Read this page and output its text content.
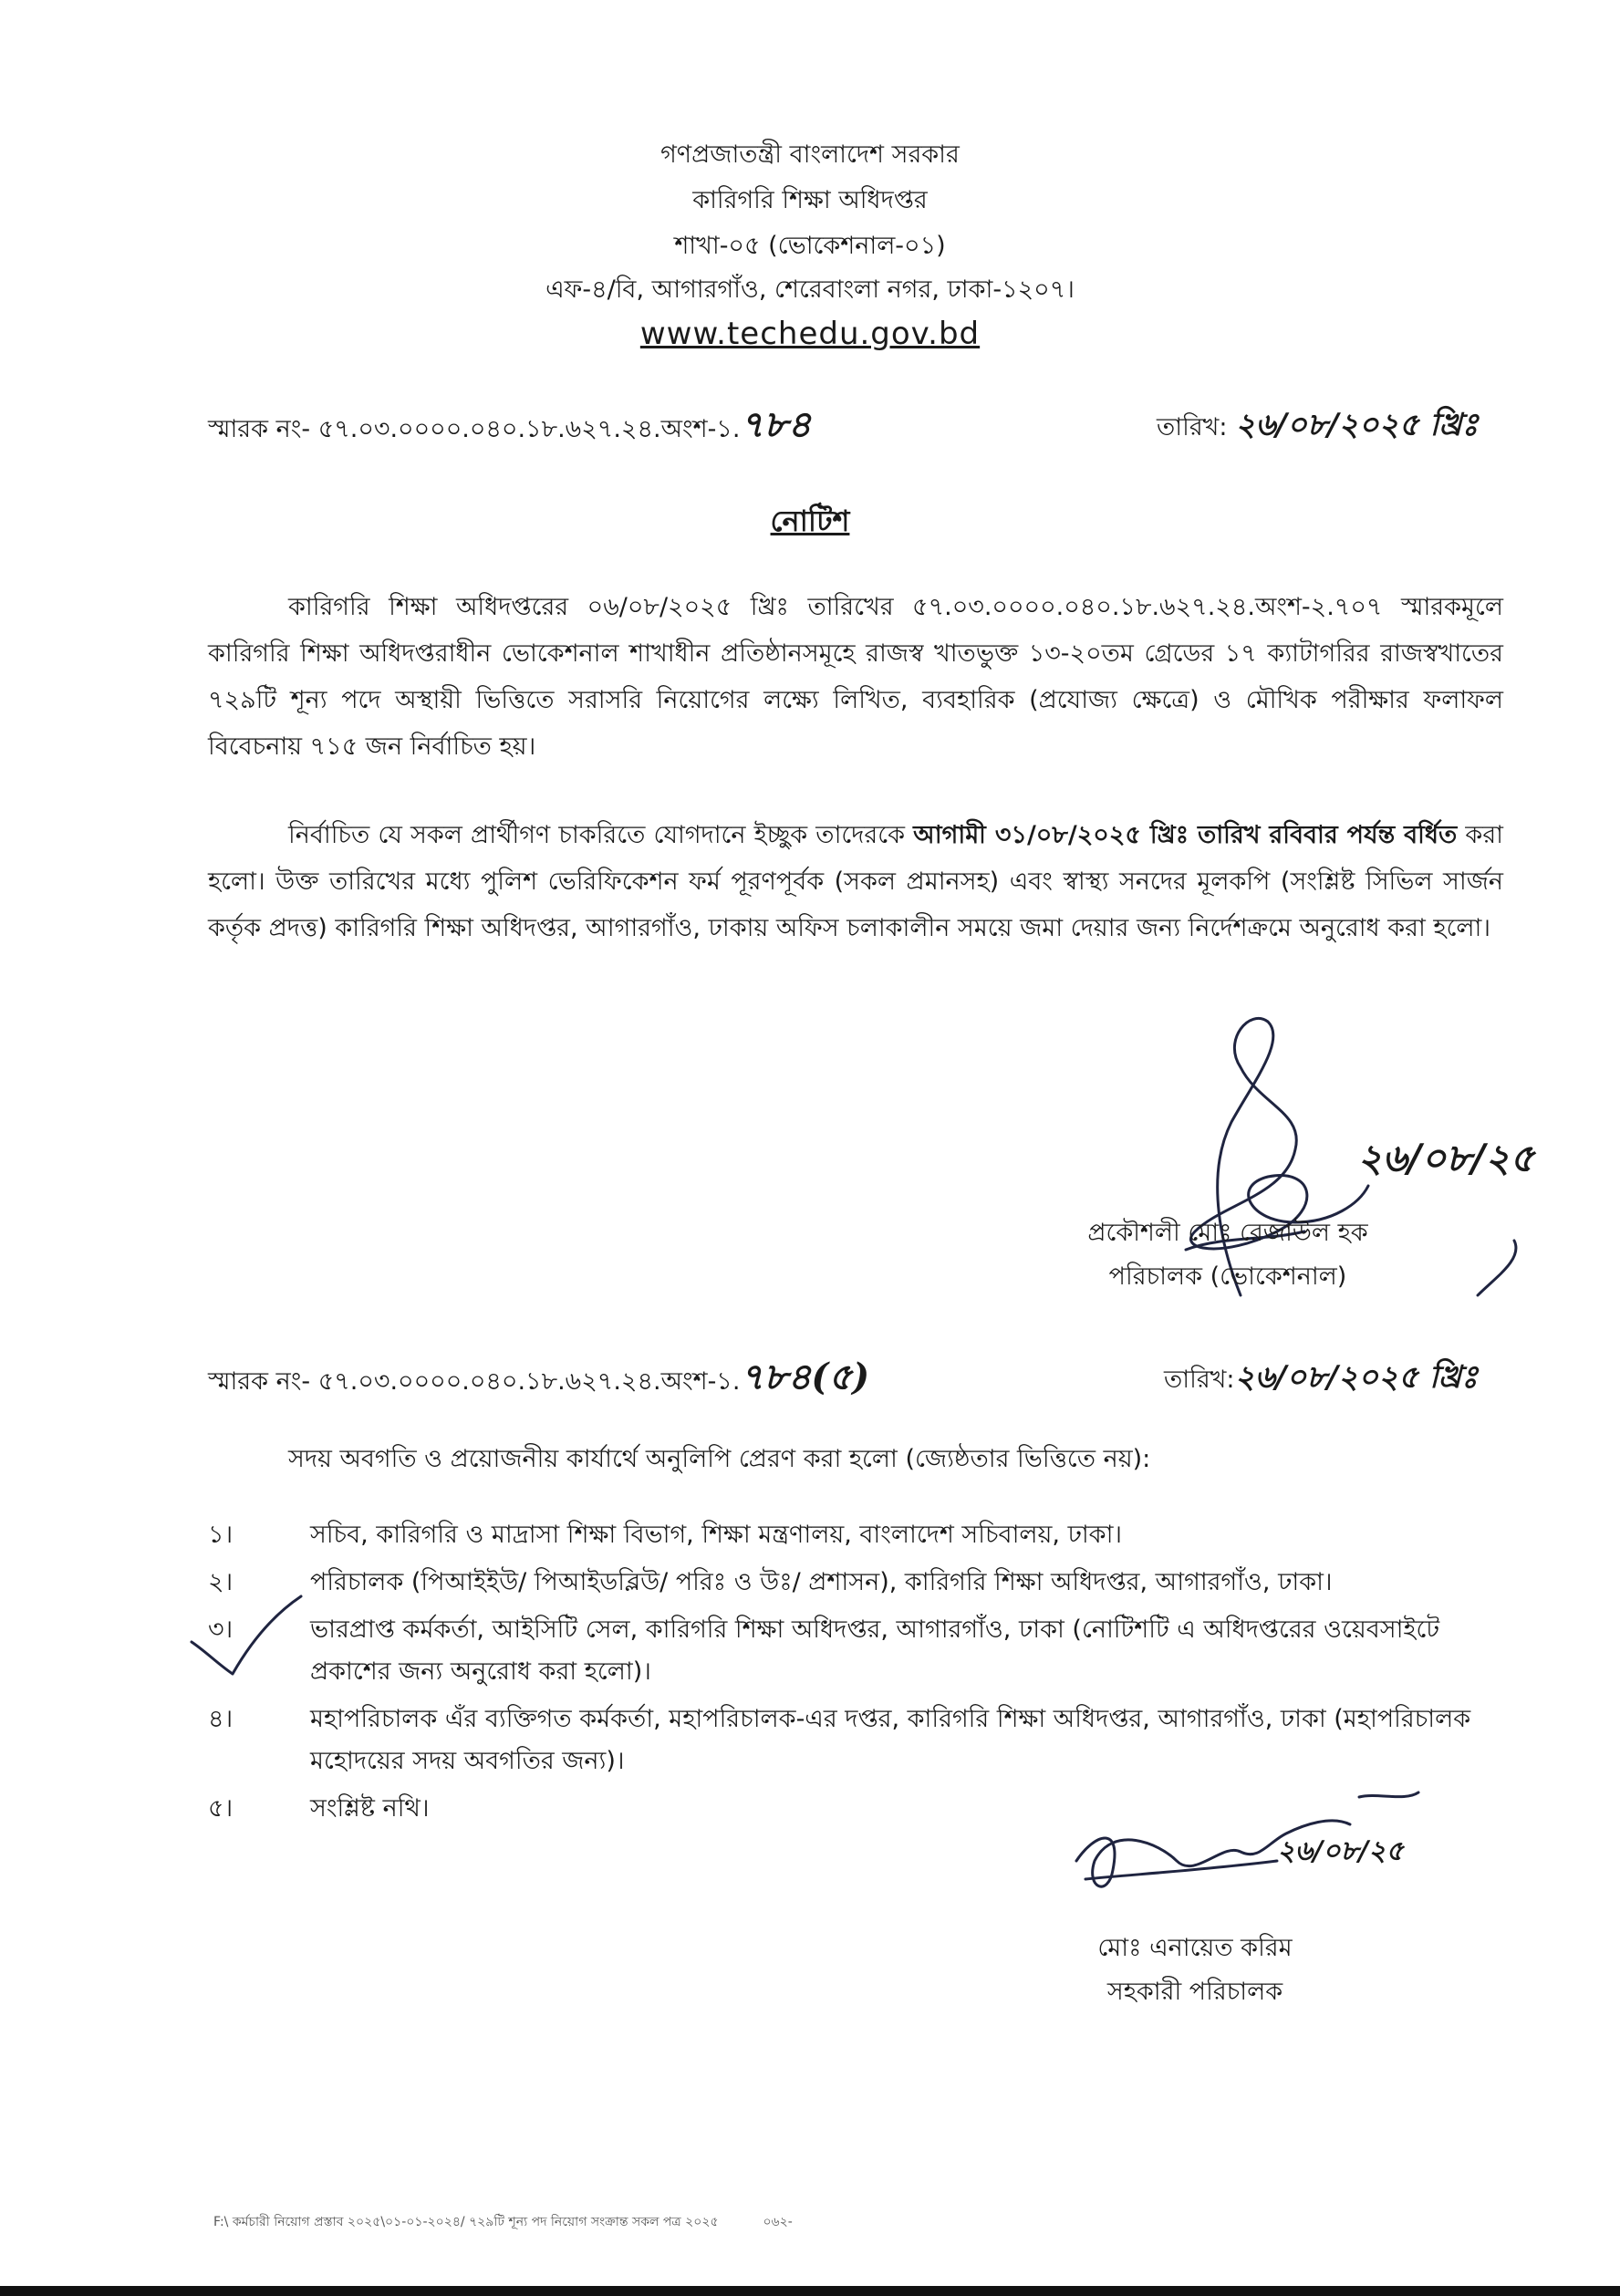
গণপ্রজাতন্ত্রী বাংলাদেশ সরকার
কারিগরি শিক্ষা অধিদপ্তর
শাখা-০৫ (ভোকেশনাল-০১)
এফ-৪/বি, আগারগাঁও, শেরেবাংলা নগর, ঢাকা-১২০৭।
www.techedu.gov.bd
স্মারক নং- ৫৭.০৩.০০০০.০৪০.১৮.৬২৭.২৪.অংশ-১.৭৮৪	তারিখ: ২৬/০৮/২০২৫ খ্রিঃ
নোটিশ
কারিগরি শিক্ষা অধিদপ্তরের ০৬/০৮/২০২৫ খ্রিঃ তারিখের ৫৭.০৩.০০০০.০৪০.১৮.৬২৭.২৪.অংশ-২.৭০৭ স্মারকমূলে কারিগরি শিক্ষা অধিদপ্তরাধীন ভোকেশনাল শাখাধীন প্রতিষ্ঠানসমূহে রাজস্ব খাতভুক্ত ১৩-২০তম গ্রেডের ১৭ ক্যাটাগরির রাজস্বখাতের ৭২৯টি শূন্য পদে অস্থায়ী ভিত্তিতে সরাসরি নিয়োগের লক্ষ্যে লিখিত, ব্যবহারিক (প্রযোজ্য ক্ষেত্রে) ও মৌখিক পরীক্ষার ফলাফল বিবেচনায় ৭১৫ জন নির্বাচিত হয়।
নির্বাচিত যে সকল প্রার্থীগণ চাকরিতে যোগদানে ইচ্ছুক তাদেরকে আগামী ৩১/০৮/২০২৫ খ্রিঃ তারিখ রবিবার পর্যন্ত বর্ধিত করা হলো। উক্ত তারিখের মধ্যে পুলিশ ভেরিফিকেশন ফর্ম পূরণপূর্বক (সকল প্রমানসহ) এবং স্বাস্থ্য সনদের মূলকপি (সংশ্লিষ্ট সিভিল সার্জন কর্তৃক প্রদত্ত) কারিগরি শিক্ষা অধিদপ্তর, আগারগাঁও, ঢাকায় অফিস চলাকালীন সময়ে জমা দেয়ার জন্য নির্দেশক্রমে অনুরোধ করা হলো।
২৬/০৮/২৫
প্রকৌশলী মোঃ রেজাউল হক
পরিচালক (ভোকেশনাল)
স্মারক নং- ৫৭.০৩.০০০০.০৪০.১৮.৬২৭.২৪.অংশ-১.৭৮৪(৫)	তারিখ:২৬/০৮/২০২৫ খ্রিঃ
সদয় অবগতি ও প্রয়োজনীয় কার্যার্থে অনুলিপি প্রেরণ করা হলো (জ্যেষ্ঠতার ভিত্তিতে নয়):
১।	সচিব, কারিগরি ও মাদ্রাসা শিক্ষা বিভাগ, শিক্ষা মন্ত্রণালয়, বাংলাদেশ সচিবালয়, ঢাকা।
২।	পরিচালক (পিআইইউ/ পিআইডব্লিউ/ পরিঃ ও উঃ/ প্রশাসন), কারিগরি শিক্ষা অধিদপ্তর, আগারগাঁও, ঢাকা।
৩।	ভারপ্রাপ্ত কর্মকর্তা, আইসিটি সেল, কারিগরি শিক্ষা অধিদপ্তর, আগারগাঁও, ঢাকা (নোটিশটি এ অধিদপ্তরের ওয়েবসাইটে প্রকাশের জন্য অনুরোধ করা হলো)।
৪।	মহাপরিচালক এঁর ব্যক্তিগত কর্মকর্তা, মহাপরিচালক-এর দপ্তর, কারিগরি শিক্ষা অধিদপ্তর, আগারগাঁও, ঢাকা (মহাপরিচালক মহোদয়ের সদয় অবগতির জন্য)।
৫।	সংশ্লিষ্ট নথি।
২৬/০৮/২৫
মোঃ এনায়েত করিম
সহকারী পরিচালক
F:\ কর্মচারী নিয়োগ প্রস্তাব ২০২৫\০১-০১-২০২৪/ ৭২৯টি শূন্য পদ নিয়োগ সংক্রান্ত সকল পত্র ২০২৫	০৬২-
